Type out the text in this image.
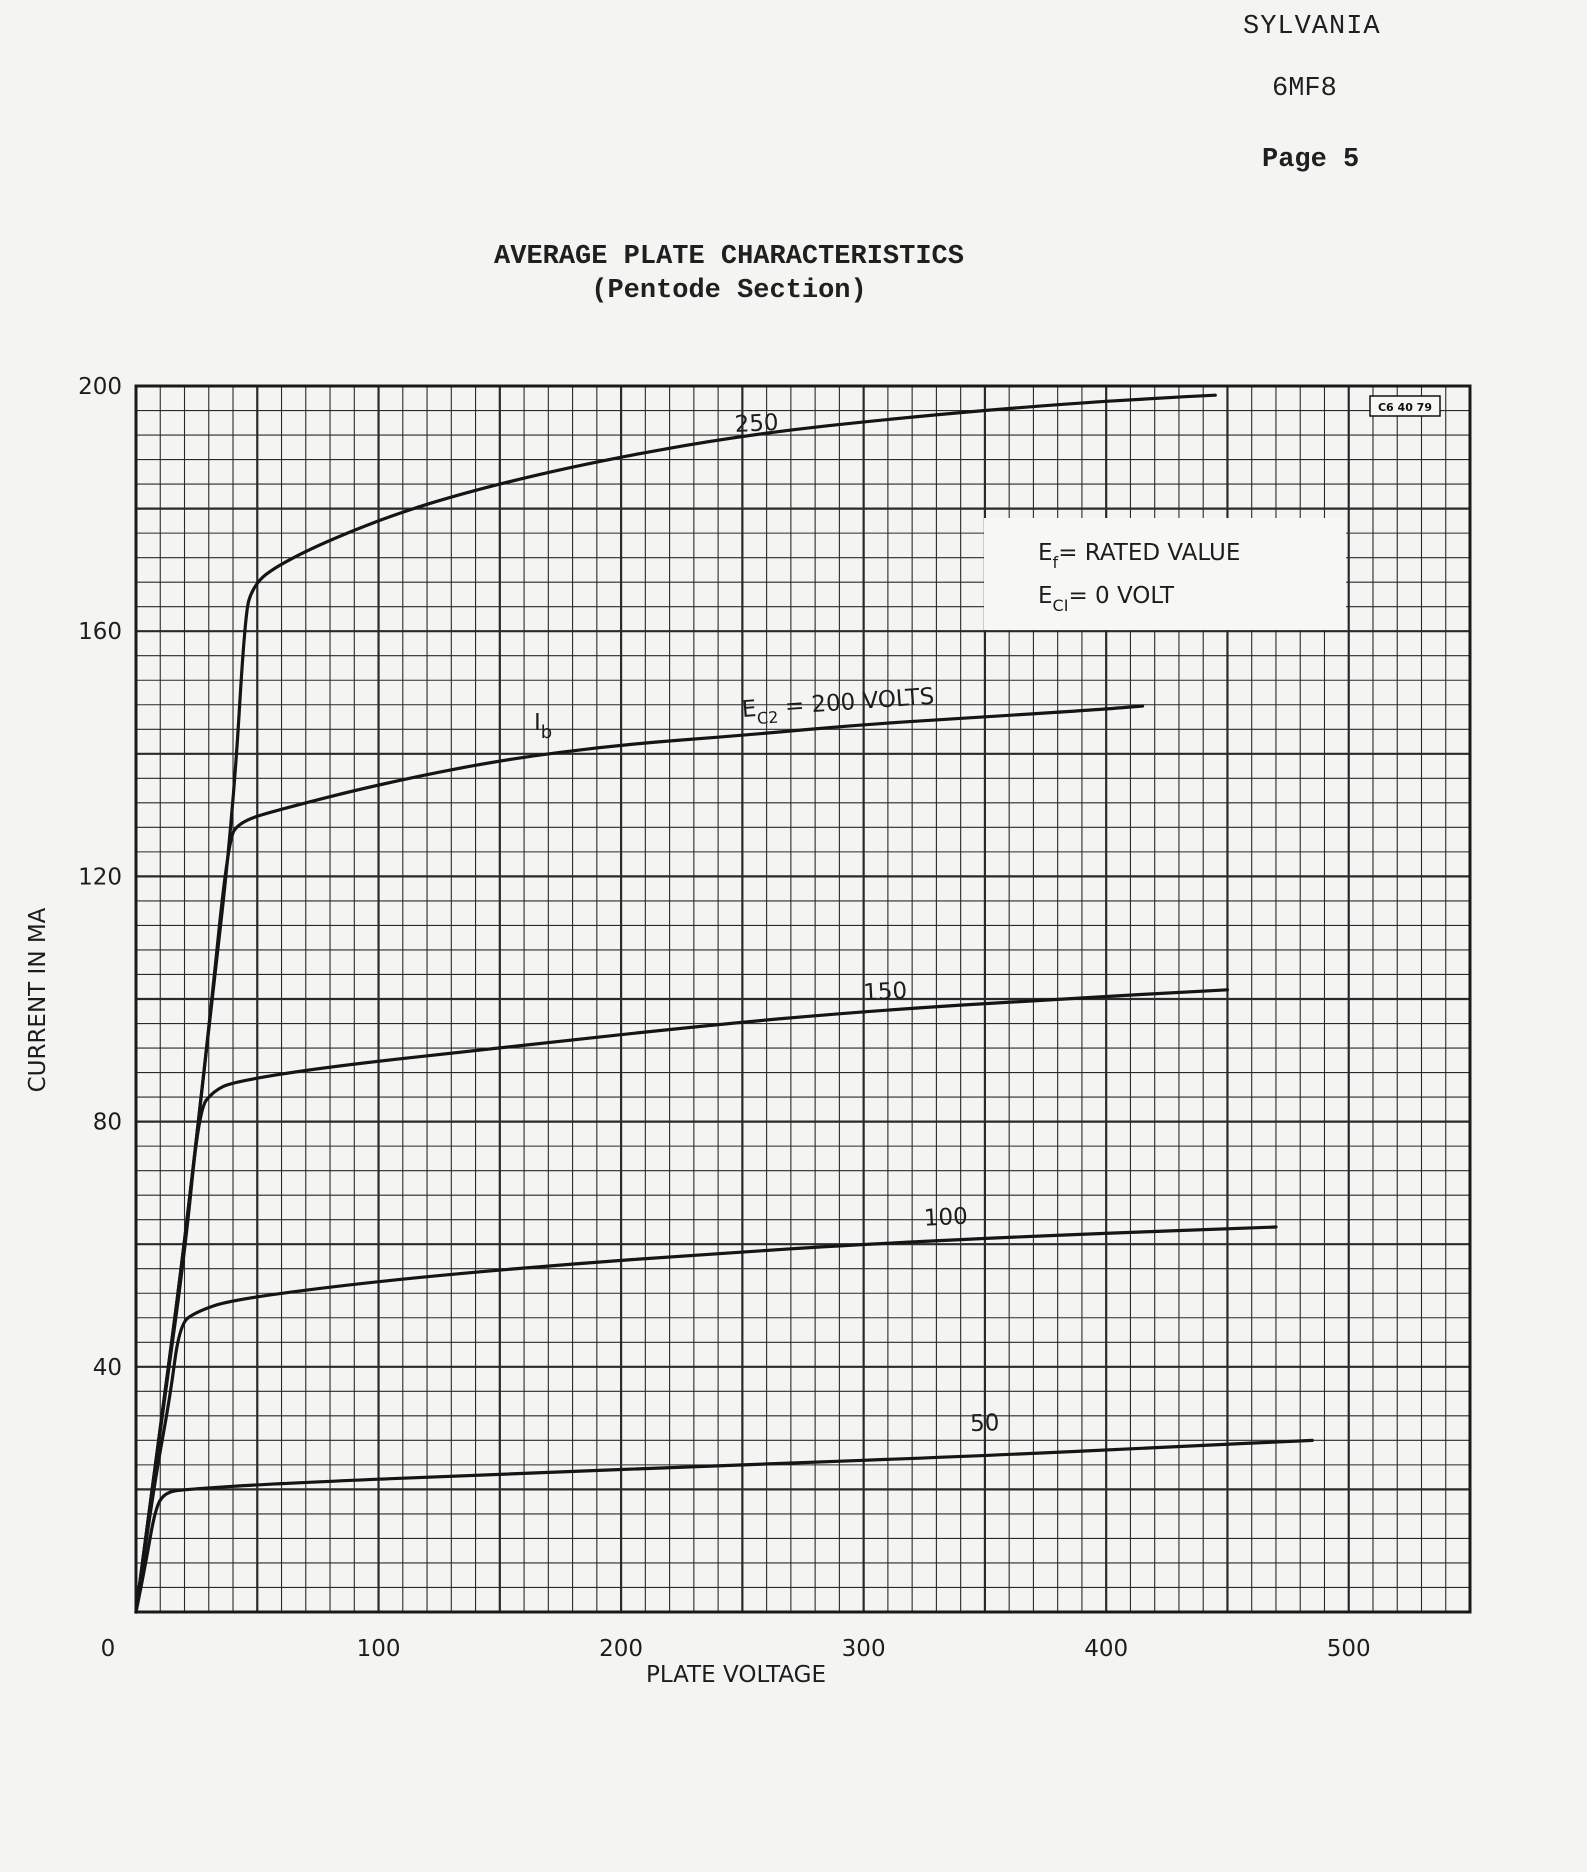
SYLVANIA
6MF8
Page 5
AVERAGE PLATE CHARACTERISTICS
(Pentode Section)
0	100	200	300	400	500
40
80
120
160
200
PLATE VOLTAGE
CURRENT IN MA
250
$E_{C2} = 200$ VOLTS
150
100
50
$E_f=$ RATED VALUE
$E_{CI}= 0$ VOLT
C6 40 79
$I_b$
